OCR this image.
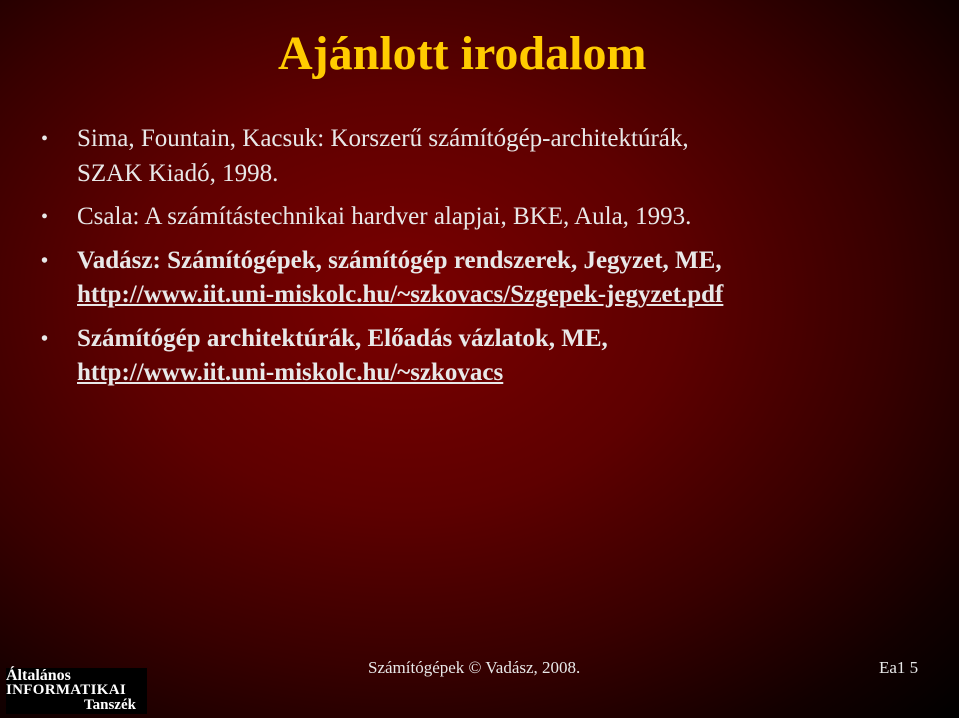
Ajánlott irodalom
• Sima, Fountain, Kacsuk: Korszerű számítógép-architektúrák,
SZAK Kiadó, 1998.
• Csala: A számítástechnikai hardver alapjai, BKE, Aula, 1993.
• Vadász: Számítógépek, számítógép rendszerek, Jegyzet, ME,
http://www.iit.uni-miskolc.hu/~szkovacs/Szgepek-jegyzet.pdf
• Számítógép architektúrák, Előadás vázlatok, ME,
http://www.iit.uni-miskolc.hu/~szkovacs
Általános
INFORMATIKAI
Tanszék
Számítógépek © Vadász, 2008.	Ea1 5
